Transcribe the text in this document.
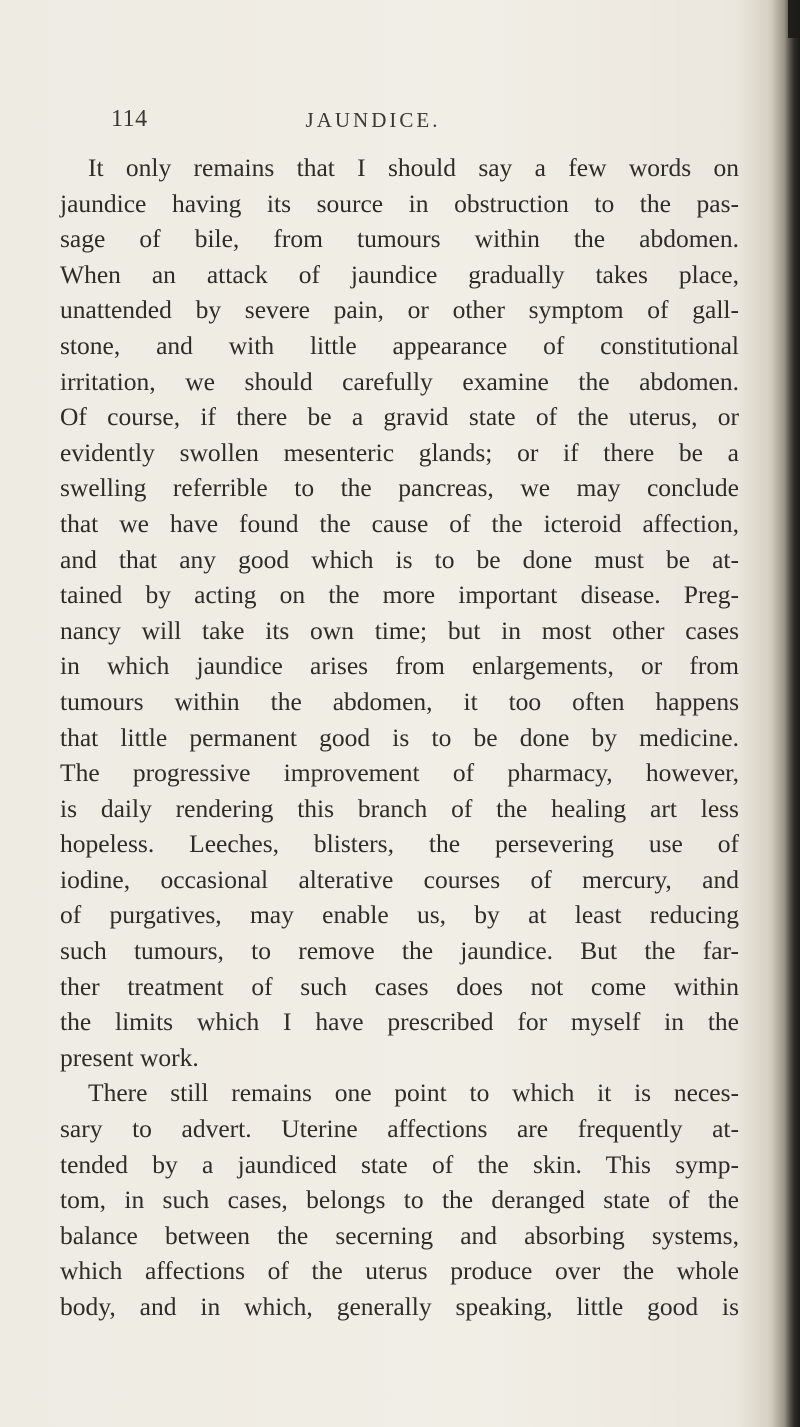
114	JAUNDICE.
It only remains that I should say a few words on
jaundice having its source in obstruction to the pas-
sage of bile, from tumours within the abdomen.
When an attack of jaundice gradually takes place,
unattended by severe pain, or other symptom of gall-
stone, and with little appearance of constitutional
irritation, we should carefully examine the abdomen.
Of course, if there be a gravid state of the uterus, or
evidently swollen mesenteric glands; or if there be a
swelling referrible to the pancreas, we may conclude
that we have found the cause of the icteroid affection,
and that any good which is to be done must be at-
tained by acting on the more important disease. Preg-
nancy will take its own time; but in most other cases
in which jaundice arises from enlargements, or from
tumours within the abdomen, it too often happens
that little permanent good is to be done by medicine.
The progressive improvement of pharmacy, however,
is daily rendering this branch of the healing art less
hopeless. Leeches, blisters, the persevering use of
iodine, occasional alterative courses of mercury, and
of purgatives, may enable us, by at least reducing
such tumours, to remove the jaundice. But the far-
ther treatment of such cases does not come within
the limits which I have prescribed for myself in the
present work.
There still remains one point to which it is neces-
sary to advert. Uterine affections are frequently at-
tended by a jaundiced state of the skin. This symp-
tom, in such cases, belongs to the deranged state of the
balance between the secerning and absorbing systems,
which affections of the uterus produce over the whole
body, and in which, generally speaking, little good is
